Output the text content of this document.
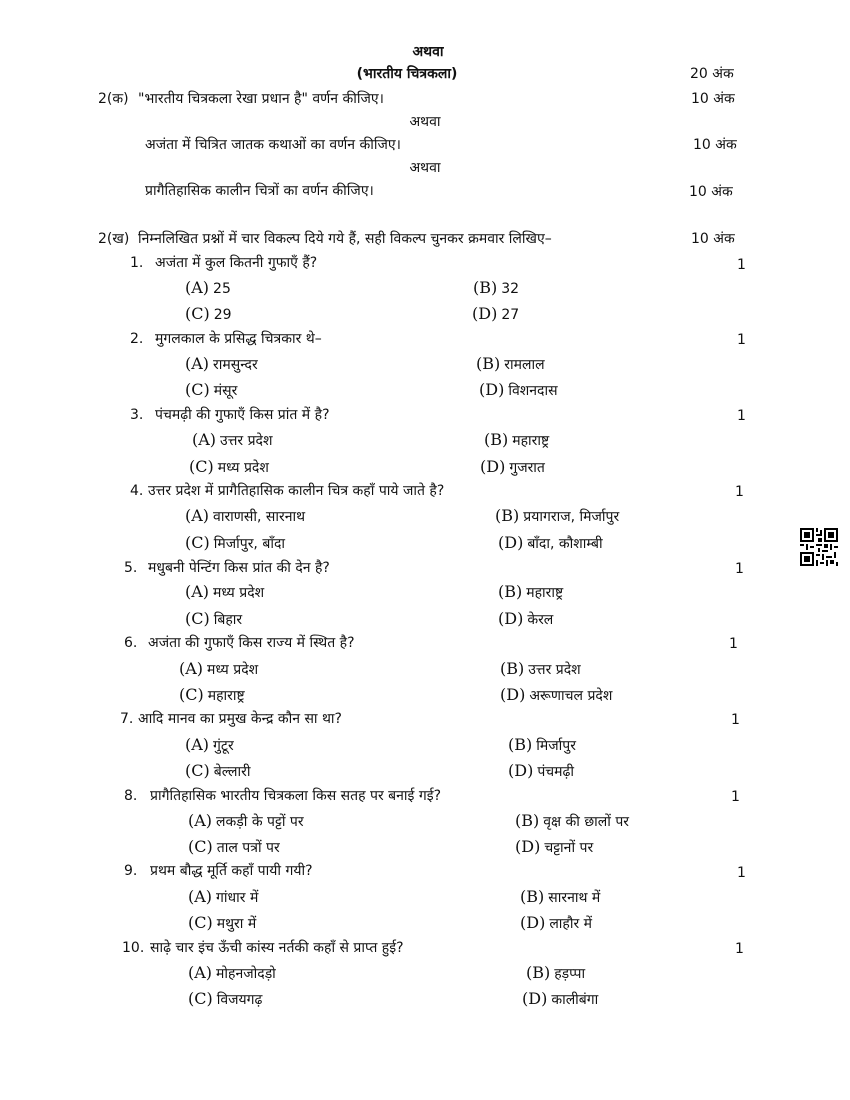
अथवा
(भारतीय चित्रकला)	20 अंक
2(क) "भारतीय चित्रकला रेखा प्रधान है" वर्णन कीजिए।	10 अंक
अथवा
अजंता में चित्रित जातक कथाओं का वर्णन कीजिए।	10 अंक
अथवा
प्रागैतिहासिक कालीन चित्रों का वर्णन कीजिए।	10 अंक
2(ख) निम्नलिखित प्रश्नों में चार विकल्प दिये गये हैं, सही विकल्प चुनकर क्रमवार लिखिए–	10 अंक
1. अजंता में कुल कितनी गुफाएँ हैं?	1
(A) 25	(B) 32
(C) 29	(D) 27
2. मुगलकाल के प्रसिद्ध चित्रकार थे–	1
(A) रामसुन्दर	(B) रामलाल
(C) मंसूर	(D) विशनदास
3. पंचमढ़ी की गुफाएँ किस प्रांत में है?	1
(A) उत्तर प्रदेश	(B) महाराष्ट्र
(C) मध्य प्रदेश	(D) गुजरात
4. उत्तर प्रदेश में प्रागैतिहासिक कालीन चित्र कहाँ पाये जाते है?	1
(A) वाराणसी, सारनाथ	(B) प्रयागराज, मिर्जापुर
(C) मिर्जापुर, बाँदा	(D) बाँदा, कौशाम्बी
5. मधुबनी पेन्टिंग किस प्रांत की देन है?	1
(A) मध्य प्रदेश	(B) महाराष्ट्र
(C) बिहार	(D) केरल
6. अजंता की गुफाएँ किस राज्य में स्थित है?	1
(A) मध्य प्रदेश	(B) उत्तर प्रदेश
(C) महाराष्ट्र	(D) अरूणाचल प्रदेश
7. आदि मानव का प्रमुख केन्द्र कौन सा था?	1
(A) गुंटूर	(B) मिर्जापुर
(C) बेल्लारी	(D) पंचमढ़ी
8. प्रागैतिहासिक भारतीय चित्रकला किस सतह पर बनाई गई?	1
(A) लकड़ी के पट्टों पर	(B) वृक्ष की छालों पर
(C) ताल पत्रों पर	(D) चट्टानों पर
9. प्रथम बौद्ध मूर्ति कहाँ पायी गयी?	1
(A) गांधार में	(B) सारनाथ में
(C) मथुरा में	(D) लाहौर में
10. साढ़े चार इंच ऊँची कांस्य नर्तकी कहाँ से प्राप्त हुई?	1
(A) मोहनजोदड़ो	(B) हड़प्पा
(C) विजयगढ़	(D) कालीबंगा
